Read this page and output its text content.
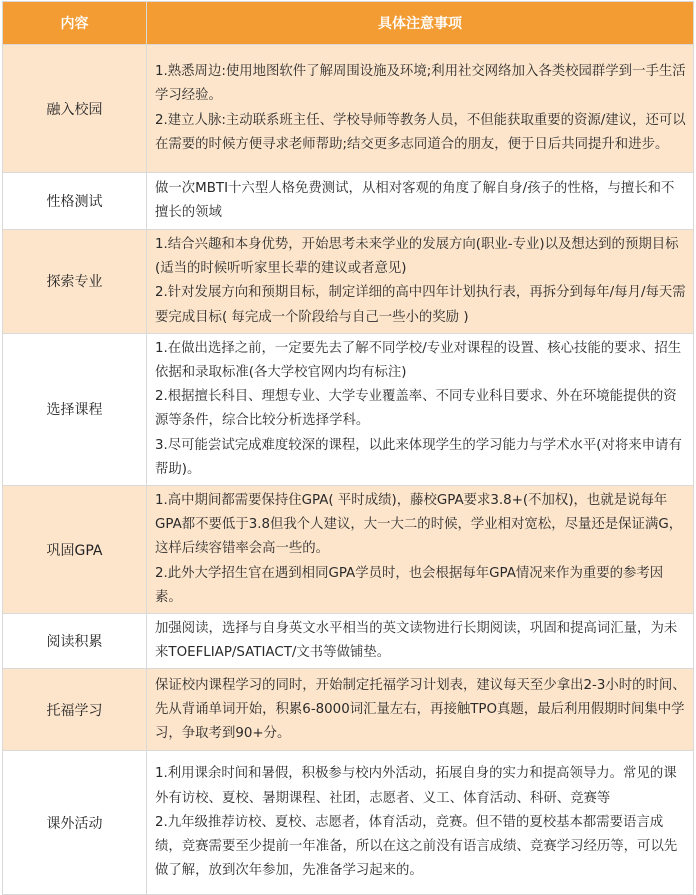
内容	具体注意事项
融入校园	1.熟悉周边:使用地图软件了解周围设施及环境;利用社交网络加入各类校园群学到一手生活学习经验。
2.建立人脉:主动联系班主任、学校导师等教务人员，不但能获取重要的资源/建议，还可以在需要的时候方便寻求老师帮助;结交更多志同道合的朋友，便于日后共同提升和进步。

性格测试	做一次MBTI十六型人格免费测试，从相对客观的角度了解自身/孩子的性格，与擅长和不擅长的领域

探索专业	1.结合兴趣和本身优势，开始思考未来学业的发展方向(职业-专业)以及想达到的预期目标(适当的时候听听家里长辈的建议或者意见)
2.针对发展方向和预期目标，制定详细的高中四年计划执行表，再拆分到每年/每月/每天需要完成目标( 每完成一个阶段给与自己一些小的奖励 )

选择课程	1.在做出选择之前，一定要先去了解不同学校/专业对课程的设置、核心技能的要求、招生依据和录取标准(各大学校官网内均有标注)
2.根据擅长科目、理想专业、大学专业覆盖率、不同专业科目要求、外在环境能提供的资源等条件，综合比较分析选择学科。
3.尽可能尝试完成难度较深的课程，以此来体现学生的学习能力与学术水平(对将来申请有帮助)。

巩固GPA	1.高中期间都需要保持住GPA( 平时成绩)，藤校GPA要求3.8+(不加权)，也就是说每年GPA都不要低于3.8但我个人建议，大一大二的时候，学业相对宽松，尽量还是保证满G，这样后续容错率会高一些的。
2.此外大学招生官在遇到相同GPA学员时，也会根据每年GPA情况来作为重要的参考因素。

阅读积累	加强阅读，选择与自身英文水平相当的英文读物进行长期阅读，巩固和提高词汇量，为未来TOEFLIAP/SATIACT/文书等做铺垫。

托福学习	保证校内课程学习的同时，开始制定托福学习计划表，建议每天至少拿出2-3小时的时间、先从背诵单词开始，积累6-8000词汇量左右，再接触TPO真题，最后利用假期时间集中学习，争取考到90+分。

课外活动	1.利用课余时间和暑假，积极参与校内外活动，拓展自身的实力和提高领导力。常见的课外有访校、夏校、暑期课程、社团，志愿者、义工、体育活动、科研、竞赛等
2.九年级推荐访校、夏校、志愿者，体育活动，竞赛。但不错的夏校基本都需要语言成绩，竞赛需要至少提前一年准备，所以在这之前没有语言成绩、竞赛学习经历等，可以先做了解，放到次年参加，先准备学习起来的。
